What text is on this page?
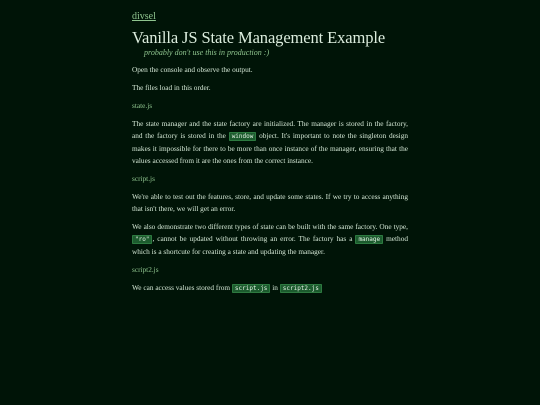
divsel
Vanilla JS State Management Example
probably don't use this in production :)

Open the console and observe the output.

The files load in this order.

state.js

The state manager and the state factory are initialized. The manager is stored in the factory, and the factory is stored in the window object. It's important to note the singleton design makes it impossible for there to be more than once instance of the manager, ensuring that the values accessed from it are the ones from the correct instance.

script.js

We're able to test out the features, store, and update some states. If we try to access anything that isn't there, we will get an error.

We also demonstrate two different types of state can be built with the same factory. One type, "ro" , cannot be updated without throwing an error. The factory has a manage method which is a shortcute for creating a state and updating the manager.

script2.js

We can access values stored from script.js in script2.js
